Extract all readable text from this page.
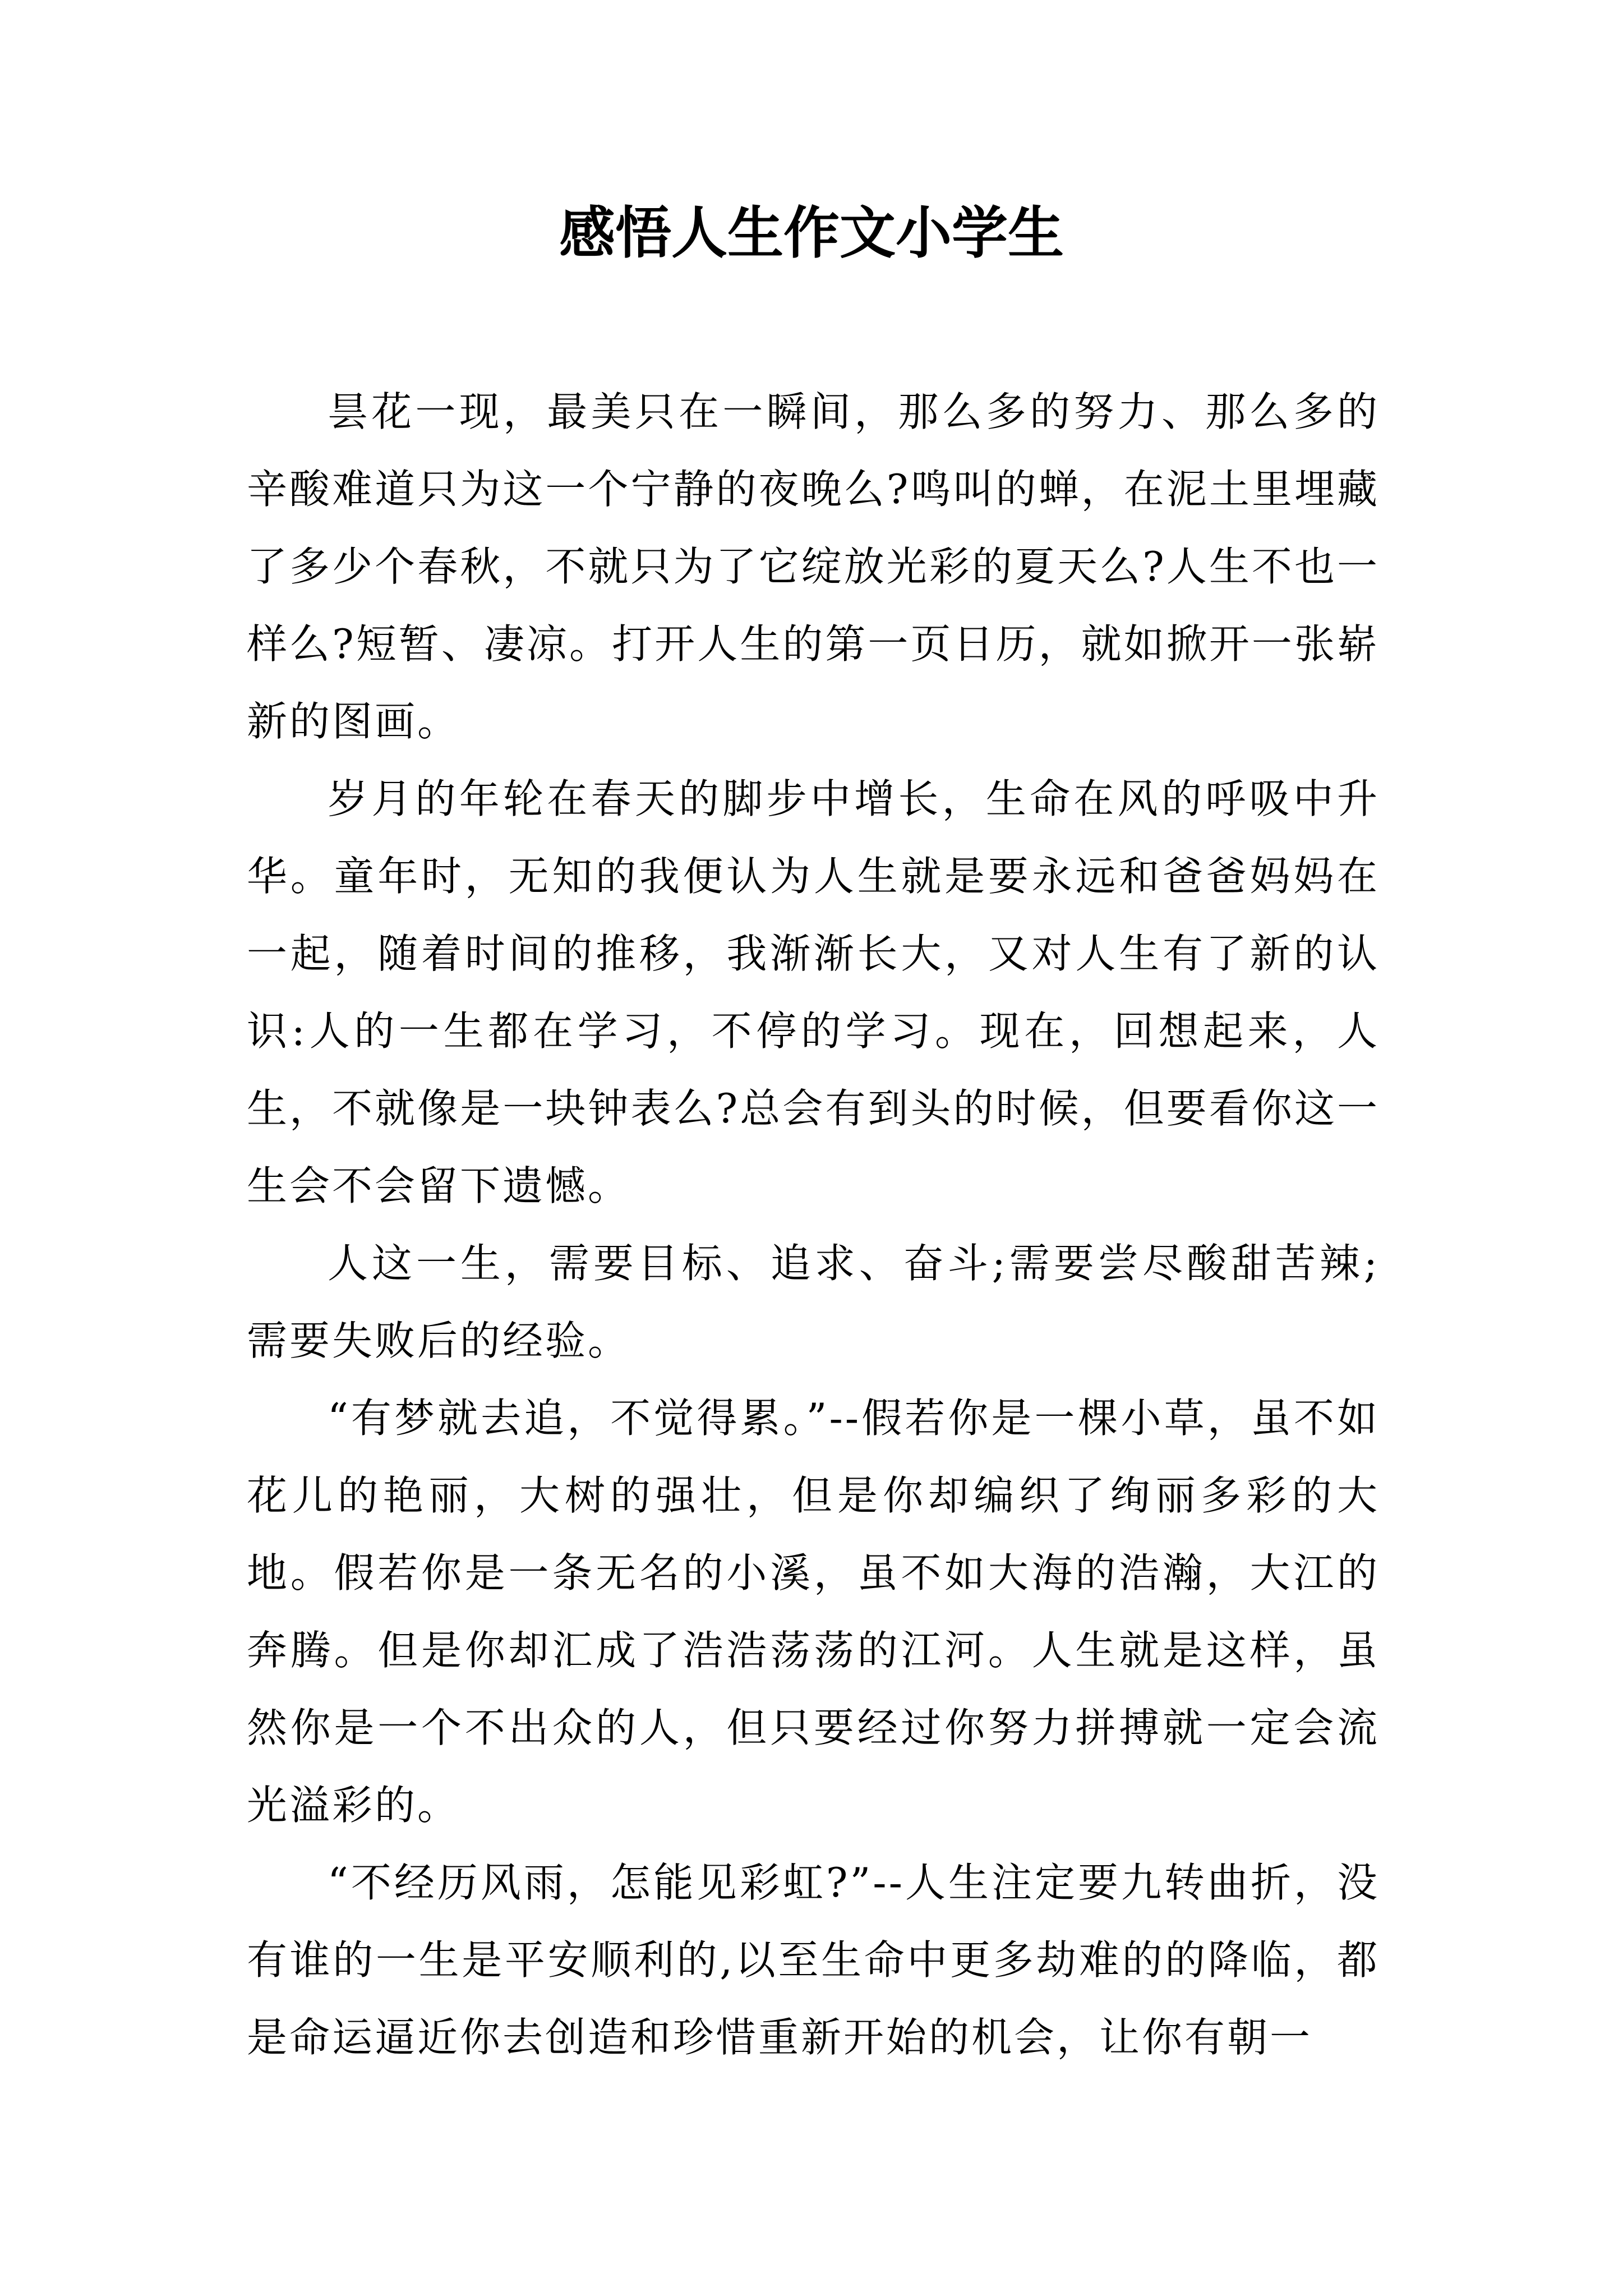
感悟人生作文小学生

昙花一现，最美只在一瞬间，那么多的努力、那么多的辛酸难道只为这一个宁静的夜晚么?鸣叫的蝉，在泥土里埋藏了多少个春秋，不就只为了它绽放光彩的夏天么?人生不也一样么?短暂、凄凉。打开人生的第一页日历，就如掀开一张崭新的图画。

岁月的年轮在春天的脚步中增长，生命在风的呼吸中升华。童年时，无知的我便认为人生就是要永远和爸爸妈妈在一起，随着时间的推移，我渐渐长大，又对人生有了新的认识:人的一生都在学习，不停的学习。现在，回想起来，人生，不就像是一块钟表么?总会有到头的时候，但要看你这一生会不会留下遗憾。

人这一生，需要目标、追求、奋斗;需要尝尽酸甜苦辣;需要失败后的经验。

“有梦就去追，不觉得累。”--假若你是一棵小草，虽不如花儿的艳丽，大树的强壮，但是你却编织了绚丽多彩的大地。假若你是一条无名的小溪，虽不如大海的浩瀚，大江的奔腾。但是你却汇成了浩浩荡荡的江河。人生就是这样，虽然你是一个不出众的人，但只要经过你努力拼搏就一定会流光溢彩的。

“不经历风雨，怎能见彩虹?”--人生注定要九转曲折，没有谁的一生是平安顺利的,以至生命中更多劫难的的降临，都是命运逼近你去创造和珍惜重新开始的机会，让你有朝一
